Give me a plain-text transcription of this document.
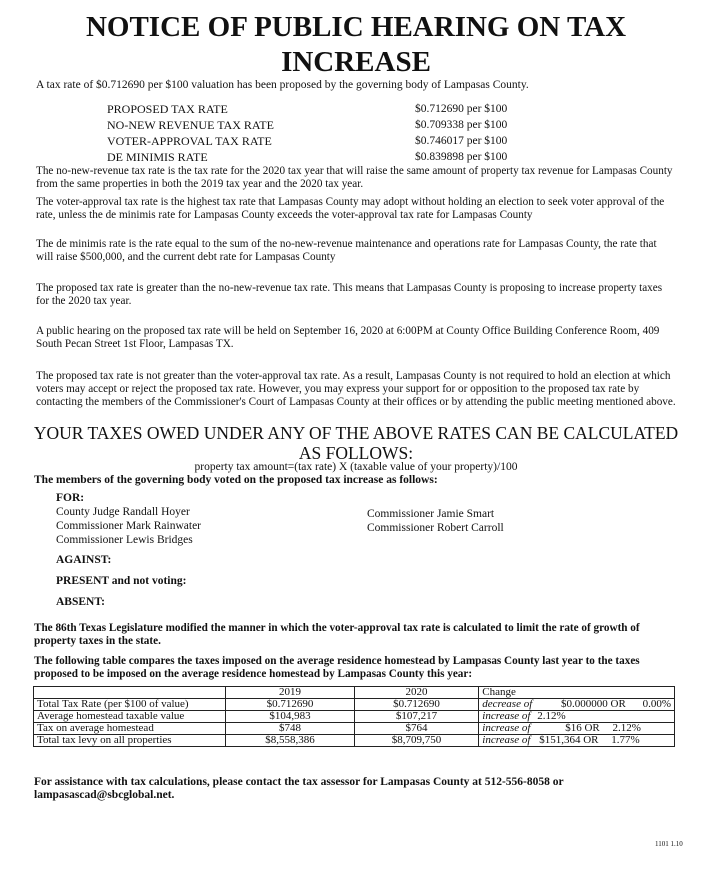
NOTICE OF PUBLIC HEARING ON TAX
INCREASE
A tax rate of $0.712690 per $100 valuation has been proposed by the governing body of Lampasas County.
PROPOSED TAX RATE	$0.712690 per $100
NO-NEW REVENUE TAX RATE	$0.709338 per $100
VOTER-APPROVAL TAX RATE	$0.746017 per $100
DE MINIMIS RATE	$0.839898 per $100
The no-new-revenue tax rate is the tax rate for the 2020 tax year that will raise the same amount of property tax revenue for Lampasas County from the same properties in both the 2019 tax year and the 2020 tax year.
The voter-approval tax rate is the highest tax rate that Lampasas County may adopt without holding an election to seek voter approval of the rate, unless the de minimis rate for Lampasas County exceeds the voter-approval tax rate for Lampasas County
The de minimis rate is the rate equal to the sum of the no-new-revenue maintenance and operations rate for Lampasas County, the rate that will raise $500,000, and the current debt rate for Lampasas County
The proposed tax rate is greater than the no-new-revenue tax rate. This means that Lampasas County is proposing to increase property taxes for the 2020 tax year.
A public hearing on the proposed tax rate will be held on September 16, 2020 at 6:00PM at County Office Building Conference Room, 409 South Pecan Street 1st Floor, Lampasas TX.
The proposed tax rate is not greater than the voter-approval tax rate. As a result, Lampasas County is not required to hold an election at which voters may accept or reject the proposed tax rate. However, you may express your support for or opposition to the proposed tax rate by contacting the members of the Commissioner's Court of Lampasas County at their offices or by attending the public meeting mentioned above.
YOUR TAXES OWED UNDER ANY OF THE ABOVE RATES CAN BE CALCULATED AS FOLLOWS:
property tax amount=(tax rate) X (taxable value of your property)/100
The members of the governing body voted on the proposed tax increase as follows:
FOR:
County Judge Randall Hoyer
Commissioner Mark Rainwater
Commissioner Lewis Bridges
Commissioner Jamie Smart
Commissioner Robert Carroll
AGAINST:
PRESENT and not voting:
ABSENT:
The 86th Texas Legislature modified the manner in which the voter-approval tax rate is calculated to limit the rate of growth of property taxes in the state.
The following table compares the taxes imposed on the average residence homestead by Lampasas County last year to the taxes proposed to be imposed on the average residence homestead by Lampasas County this year:
	2019	2020	Change
Total Tax Rate (per $100 of value)	$0.712690	$0.712690	decrease of $0.000000 OR 0.00%
Average homestead taxable value	$104,983	$107,217	increase of 2.12%
Tax on average homestead	$748	$764	increase of $16 OR 2.12%
Total tax levy on all properties	$8,558,386	$8,709,750	increase of $151,364 OR 1.77%
For assistance with tax calculations, please contact the tax assessor for Lampasas County at 512-556-8058 or lampasascad@sbcglobal.net.
1101 1.10
